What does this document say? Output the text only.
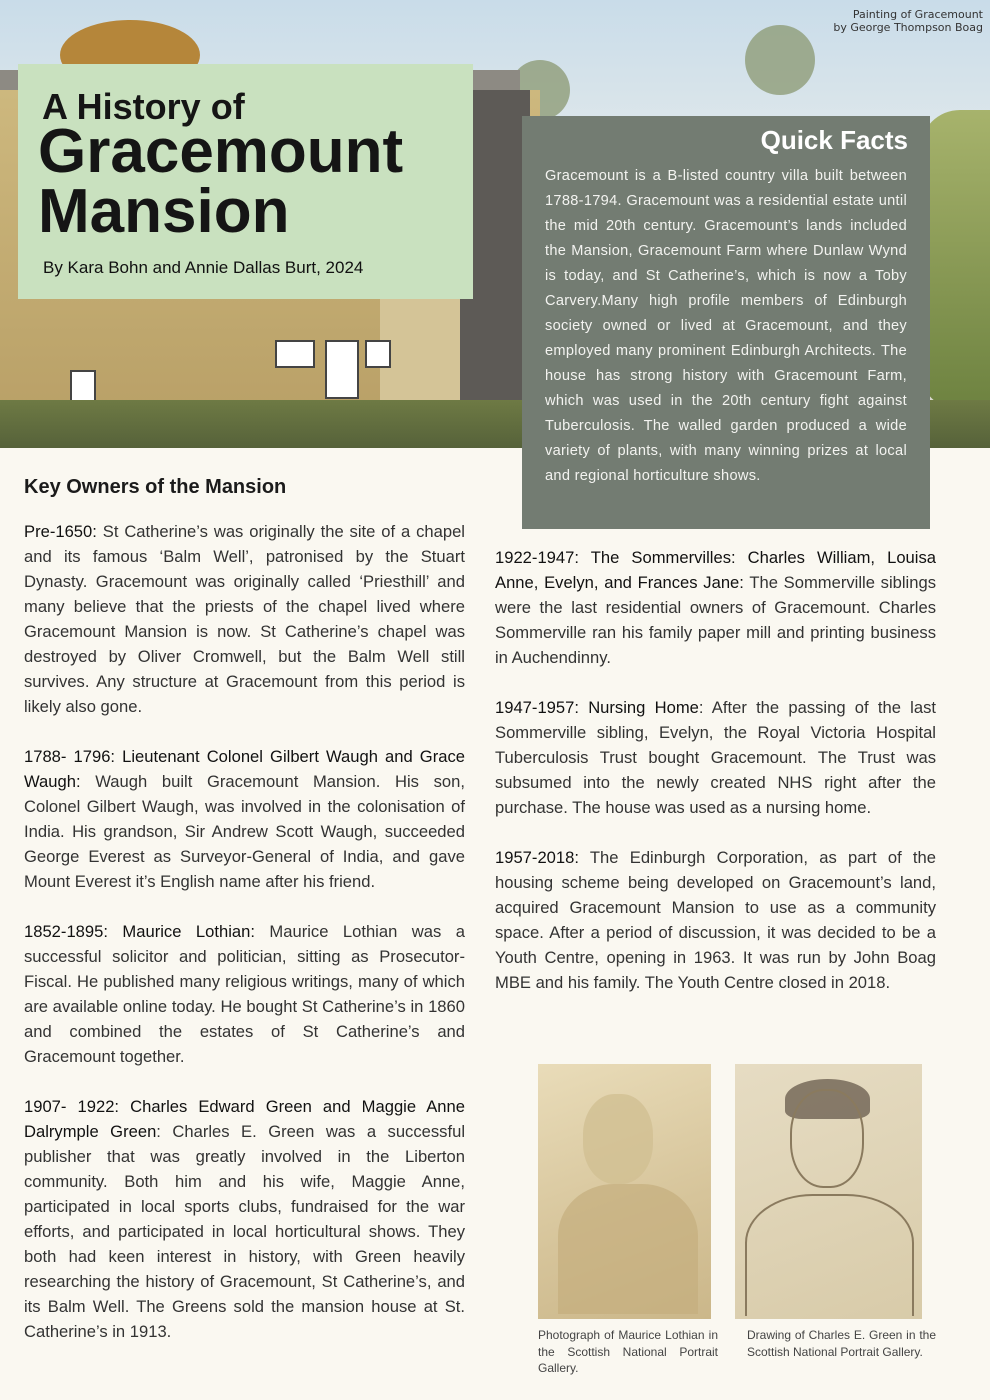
Painting of Gracemount
by George Thompson Boag
A History of
Gracemount Mansion
By Kara Bohn and Annie Dallas Burt, 2024
Quick Facts

Gracemount is a B-listed country villa built between 1788-1794. Gracemount was a residential estate until the mid 20th century. Gracemount’s lands included the Mansion, Gracemount Farm where Dunlaw Wynd is today, and St Catherine’s, which is now a Toby Carvery.Many high profile members of Edinburgh society owned or lived at Gracemount, and they employed many prominent Edinburgh Architects. The house has strong history with Gracemount Farm, which was used in the 20th century fight against Tuberculosis. The walled garden produced a wide variety of plants, with many winning prizes at local and regional horticulture shows.

Key Owners of the Mansion

Pre-1650: St Catherine’s was originally the site of a chapel and its famous ‘Balm Well’, patronised by the Stuart Dynasty. Gracemount was originally called ‘Priesthill’ and many believe that the priests of the chapel lived where Gracemount Mansion is now. St Catherine’s chapel was destroyed by Oliver Cromwell, but the Balm Well still survives. Any structure at Gracemount from this period is likely also gone.

1788- 1796: Lieutenant Colonel Gilbert Waugh and Grace Waugh: Waugh built Gracemount Mansion. His son, Colonel Gilbert Waugh, was involved in the colonisation of India. His grandson, Sir Andrew Scott Waugh, succeeded George Everest as Surveyor-General of India, and gave Mount Everest it’s English name after his friend.

1852-1895: Maurice Lothian: Maurice Lothian was a successful solicitor and politician, sitting as Prosecutor-Fiscal. He published many religious writings, many of which are available online today. He bought St Catherine’s in 1860 and combined the estates of St Catherine’s and Gracemount together.

1907- 1922: Charles Edward Green and Maggie Anne Dalrymple Green: Charles E. Green was a successful publisher that was greatly involved in the Liberton community. Both him and his wife, Maggie Anne, participated in local sports clubs, fundraised for the war efforts, and participated in local horticultural shows. They both had keen interest in history, with Green heavily researching the history of Gracemount, St Catherine’s, and its Balm Well. The Greens sold the mansion house at St. Catherine’s in 1913.

1922-1947: The Sommervilles: Charles William, Louisa Anne, Evelyn, and Frances Jane: The Sommerville siblings were the last residential owners of Gracemount. Charles Sommerville ran his family paper mill and printing business in Auchendinny.

1947-1957: Nursing Home: After the passing of the last Sommerville sibling, Evelyn, the Royal Victoria Hospital Tuberculosis Trust bought Gracemount. The Trust was subsumed into the newly created NHS right after the purchase. The house was used as a nursing home.

1957-2018: The Edinburgh Corporation, as part of the housing scheme being developed on Gracemount’s land, acquired Gracemount Mansion to use as a community space. After a period of discussion, it was decided to be a Youth Centre, opening in 1963. It was run by John Boag MBE and his family. The Youth Centre closed in 2018.

Photograph of Maurice Lothian in the Scottish National Portrait Gallery.
Drawing of Charles E. Green in the Scottish National Portrait Gallery.
